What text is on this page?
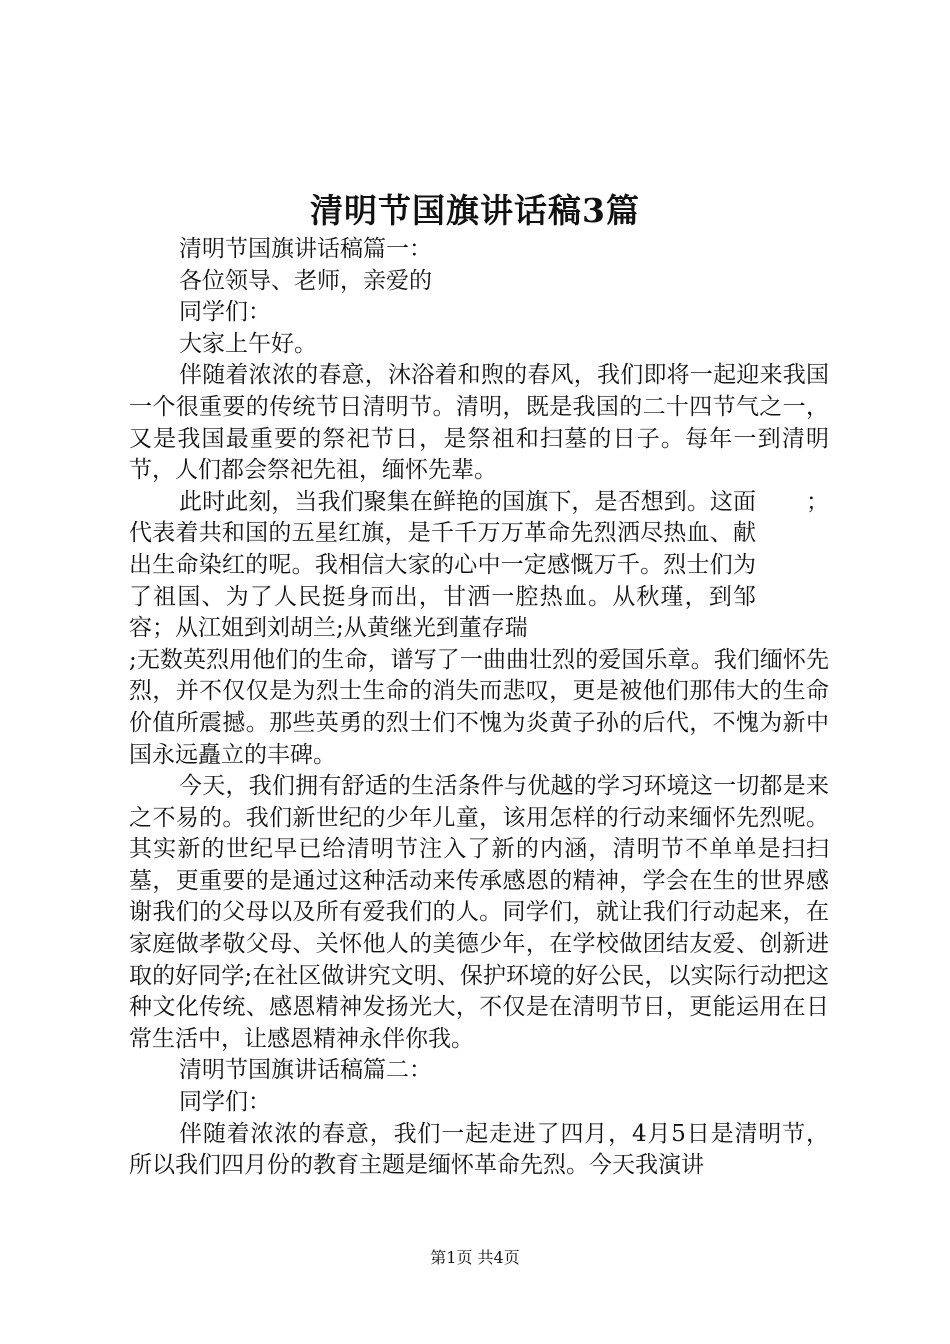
清明节国旗讲话稿3篇

清明节国旗讲话稿篇一：

各位领导、老师，亲爱的

同学们：

大家上午好。

伴随着浓浓的春意，沐浴着和煦的春风，我们即将一起迎来我国一个很重要的传统节日清明节。清明，既是我国的二十四节气之一，又是我国最重要的祭祀节日，是祭祖和扫墓的日子。每年一到清明节，人们都会祭祀先祖，缅怀先辈。

此时此刻，当我们聚集在鲜艳的国旗下，是否想到。这面代表着共和国的五星红旗，是千千万万革命先烈洒尽热血、献出生命染红的呢。我相信大家的心中一定感慨万千。烈士们为了祖国、为了人民挺身而出，甘洒一腔热血。从秋瑾，到邹容；从江姐到刘胡兰;从黄继光到董存瑞
；

;无数英烈用他们的生命，谱写了一曲曲壮烈的爱国乐章。我们缅怀先烈，并不仅仅是为烈士生命的消失而悲叹，更是被他们那伟大的生命价值所震撼。那些英勇的烈士们不愧为炎黄子孙的后代，不愧为新中国永远矗立的丰碑。

今天，我们拥有舒适的生活条件与优越的学习环境这一切都是来之不易的。我们新世纪的少年儿童，该用怎样的行动来缅怀先烈呢。其实新的世纪早已给清明节注入了新的内涵，清明节不单单是扫扫墓，更重要的是通过这种活动来传承感恩的精神，学会在生的世界感谢我们的父母以及所有爱我们的人。同学们，就让我们行动起来，在家庭做孝敬父母、关怀他人的美德少年，在学校做团结友爱、创新进取的好同学;在社区做讲究文明、保护环境的好公民，以实际行动把这种文化传统、感恩精神发扬光大，不仅是在清明节日，更能运用在日常生活中，让感恩精神永伴你我。

清明节国旗讲话稿篇二：

同学们：

伴随着浓浓的春意，我们一起走进了四月，4月5日是清明节，所以我们四月份的教育主题是缅怀革命先烈。今天我演讲

第1页 共4页
